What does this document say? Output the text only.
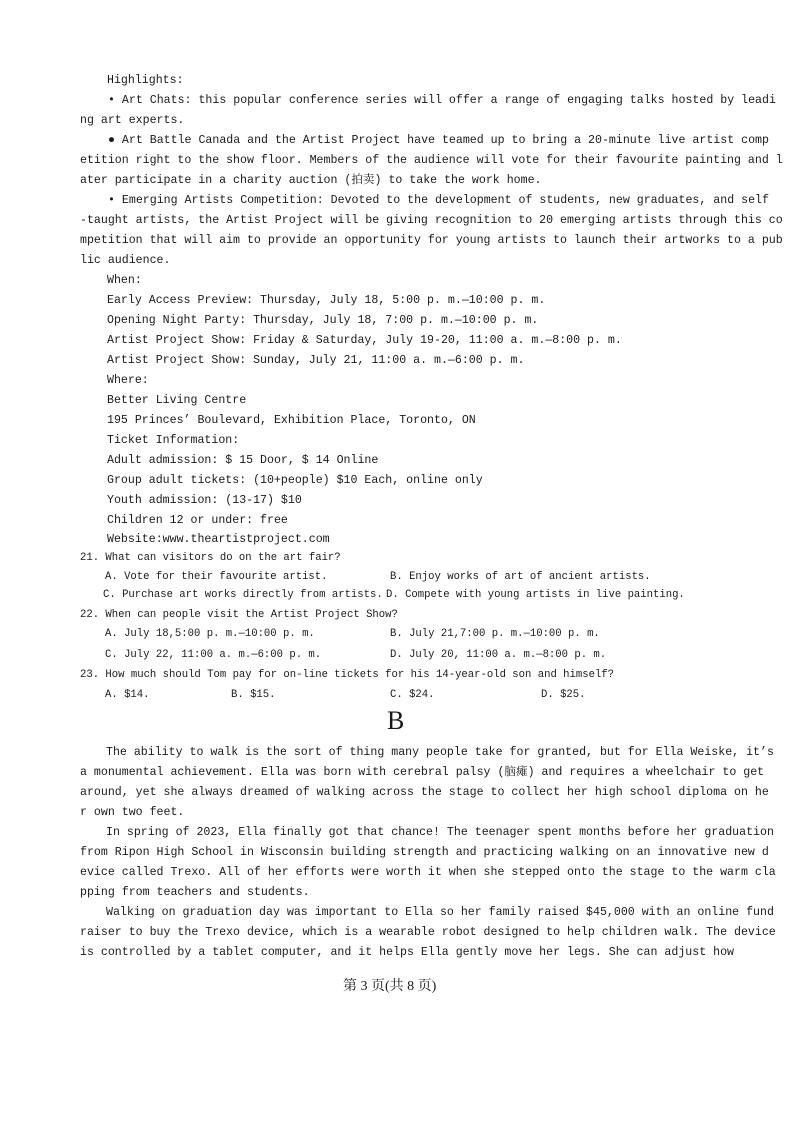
Highlights:
• Art Chats: this popular conference series will offer a range of engaging talks hosted by leadi
ng art experts.
● Art Battle Canada and the Artist Project have teamed up to bring a 20-minute live artist comp
etition right to the show floor. Members of the audience will vote for their favourite painting and l
ater participate in a charity auction (拍卖) to take the work home.
• Emerging Artists Competition: Devoted to the development of students, new graduates, and self
-taught artists, the Artist Project will be giving recognition to 20 emerging artists through this co
mpetition that will aim to provide an opportunity for young artists to launch their artworks to a pub
lic audience.
When:
Early Access Preview: Thursday, July 18, 5:00 p. m.—10:00 p. m.
Opening Night Party: Thursday, July 18, 7:00 p. m.—10:00 p. m.
Artist Project Show: Friday & Saturday, July 19-20, 11:00 a. m.—8:00 p. m.
Artist Project Show: Sunday, July 21, 11:00 a. m.—6:00 p. m.
Where:
Better Living Centre
195 Princes’ Boulevard, Exhibition Place, Toronto, ON
Ticket Information:
Adult admission: $ 15 Door, $ 14 Online
Group adult tickets: (10+people) $10 Each, online only
Youth admission: (13-17) $10
Children 12 or under: free
Website:www.theartistproject.com
21. What can visitors do on the art fair?
A. Vote for their favourite artist.	B. Enjoy works of art of ancient artists.
C. Purchase art works directly from artists. D. Compete with young artists in live painting.
22. When can people visit the Artist Project Show?
A. July 18,5:00 p. m.—10:00 p. m.	B. July 21,7:00 p. m.—10:00 p. m.
C. July 22, 11:00 a. m.—6:00 p. m.	D. July 20, 11:00 a. m.—8:00 p. m.
23. How much should Tom pay for on-line tickets for his 14-year-old son and himself?
A. $14.	B. $15.	C. $24.	D. $25.
B
The ability to walk is the sort of thing many people take for granted, but for Ella Weiske, it’s
a monumental achievement. Ella was born with cerebral palsy (脑瘫) and requires a wheelchair to get
around, yet she always dreamed of walking across the stage to collect her high school diploma on he
r own two feet.
In spring of 2023, Ella finally got that chance! The teenager spent months before her graduation
from Ripon High School in Wisconsin building strength and practicing walking on an innovative new d
evice called Trexo. All of her efforts were worth it when she stepped onto the stage to the warm cla
pping from teachers and students.
Walking on graduation day was important to Ella so her family raised $45,000 with an online fund
raiser to buy the Trexo device, which is a wearable robot designed to help children walk. The device
is controlled by a tablet computer, and it helps Ella gently move her legs. She can adjust how
第 3 页(共 8 页)
